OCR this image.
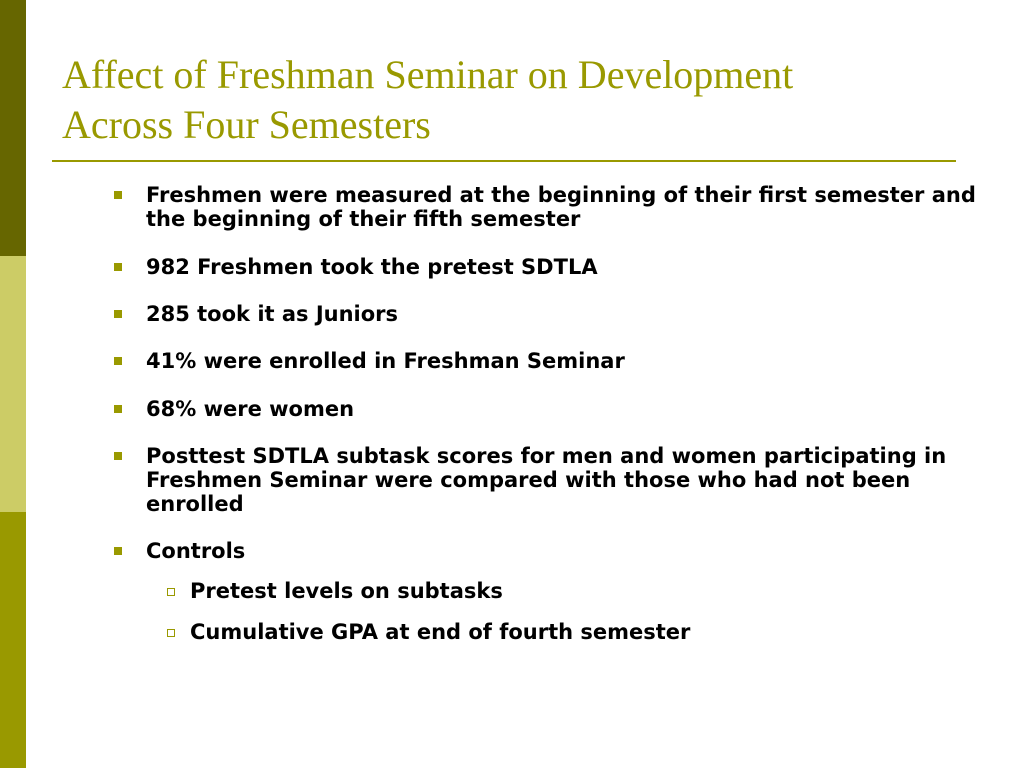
Affect of Freshman Seminar on Development
Across Four Semesters
Freshmen were measured at the beginning of their first semester and the beginning of their fifth semester
982 Freshmen took the pretest SDTLA
285 took it as Juniors
41% were enrolled in Freshman Seminar
68% were women
Posttest SDTLA subtask scores for men and women participating in Freshmen Seminar were compared with those who had not been enrolled
Controls
Pretest levels on subtasks
Cumulative GPA at end of fourth semester
